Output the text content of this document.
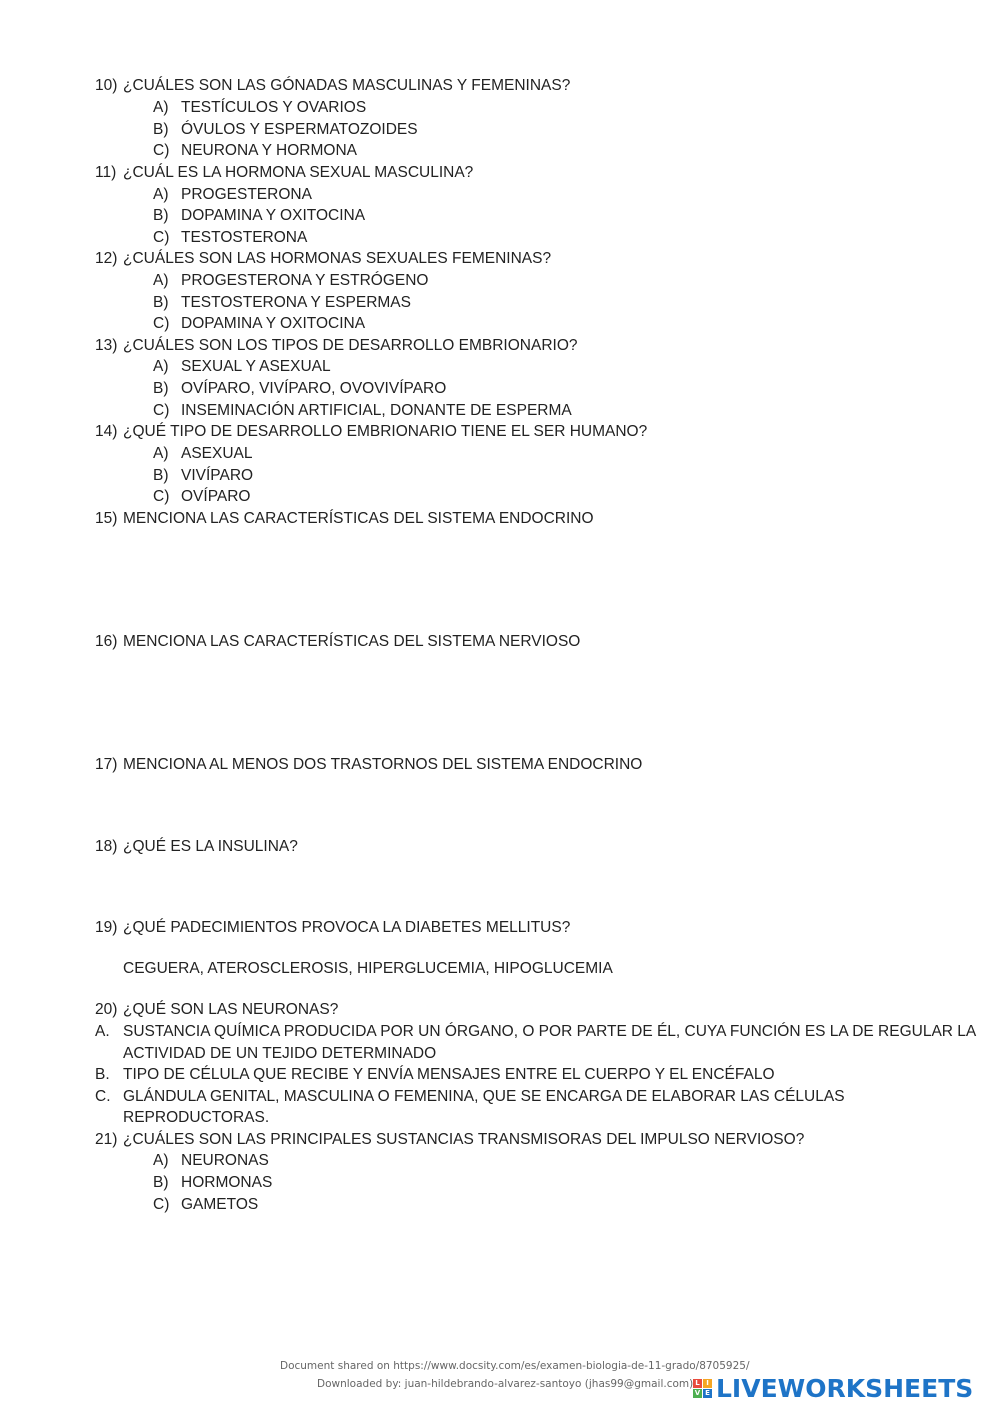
10) ¿CUÁLES SON LAS GÓNADAS MASCULINAS Y FEMENINAS?
A) TESTÍCULOS Y OVARIOS
B) ÓVULOS Y ESPERMATOZOIDES
C) NEURONA Y HORMONA
11) ¿CUÁL ES LA HORMONA SEXUAL MASCULINA?
A) PROGESTERONA
B) DOPAMINA Y OXITOCINA
C) TESTOSTERONA
12) ¿CUÁLES SON LAS HORMONAS SEXUALES FEMENINAS?
A) PROGESTERONA Y ESTRÓGENO
B) TESTOSTERONA Y ESPERMAS
C) DOPAMINA Y OXITOCINA
13) ¿CUÁLES SON LOS TIPOS DE DESARROLLO EMBRIONARIO?
A) SEXUAL Y ASEXUAL
B) OVÍPARO, VIVÍPARO, OVOVIVÍPARO
C) INSEMINACIÓN ARTIFICIAL, DONANTE DE ESPERMA
14) ¿QUÉ TIPO DE DESARROLLO EMBRIONARIO TIENE EL SER HUMANO?
A) ASEXUAL
B) VIVÍPARO
C) OVÍPARO
15) MENCIONA LAS CARACTERÍSTICAS DEL SISTEMA ENDOCRINO
16) MENCIONA LAS CARACTERÍSTICAS DEL SISTEMA NERVIOSO
17) MENCIONA AL MENOS DOS TRASTORNOS DEL SISTEMA ENDOCRINO
18) ¿QUÉ ES LA INSULINA?
19) ¿QUÉ PADECIMIENTOS PROVOCA LA DIABETES MELLITUS?
CEGUERA, ATEROSCLEROSIS, HIPERGLUCEMIA, HIPOGLUCEMIA
20) ¿QUÉ SON LAS NEURONAS?
A. SUSTANCIA QUÍMICA PRODUCIDA POR UN ÓRGANO, O POR PARTE DE ÉL, CUYA FUNCIÓN ES LA DE REGULAR LA
ACTIVIDAD DE UN TEJIDO DETERMINADO
B. TIPO DE CÉLULA QUE RECIBE Y ENVÍA MENSAJES ENTRE EL CUERPO Y EL ENCÉFALO
C. GLÁNDULA GENITAL, MASCULINA O FEMENINA, QUE SE ENCARGA DE ELABORAR LAS CÉLULAS
REPRODUCTORAS.
21) ¿CUÁLES SON LAS PRINCIPALES SUSTANCIAS TRANSMISORAS DEL IMPULSO NERVIOSO?
A) NEURONAS
B) HORMONAS
C) GAMETOS
Document shared on https://www.docsity.com/es/examen-biologia-de-11-grado/8705925/
Downloaded by: juan-hildebrando-alvarez-santoyo (jhas99@gmail.com) L I
V E LIVEWORKSHEETS
